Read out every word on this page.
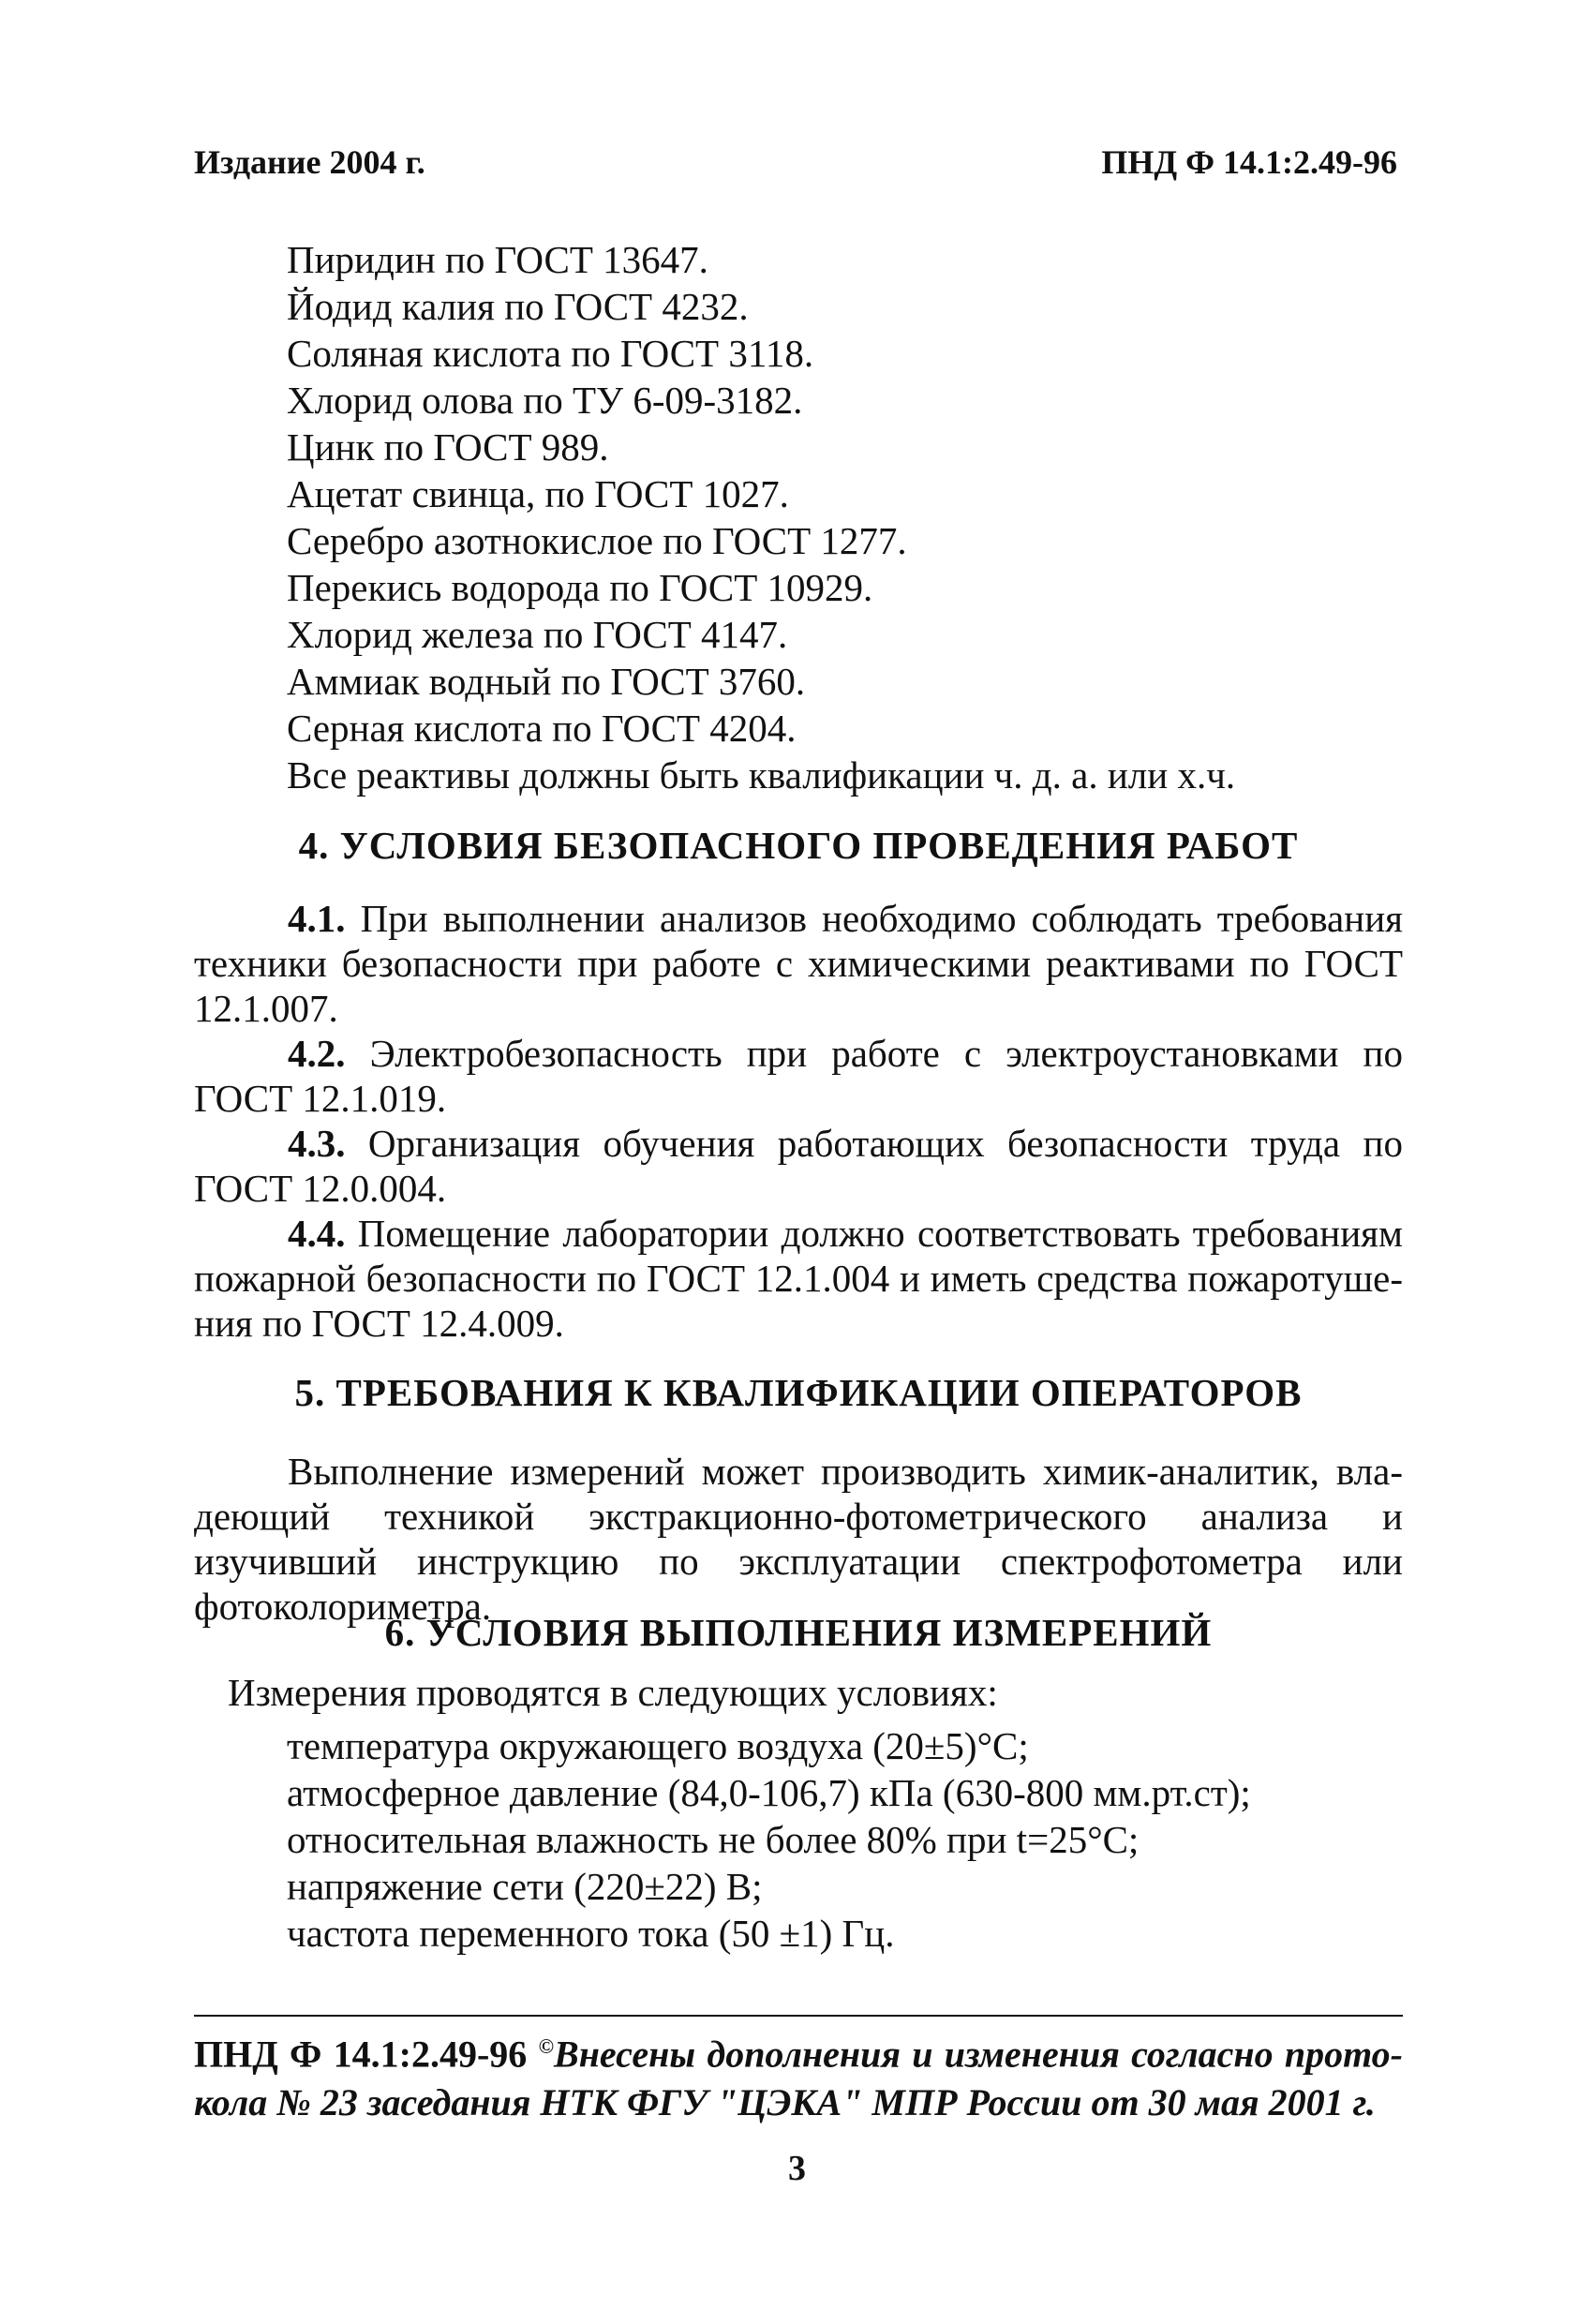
Издание 2004 г.	ПНД Ф 14.1:2.49-96
Пиридин по ГОСТ 13647.
Йодид калия по ГОСТ 4232.
Соляная кислота по ГОСТ 3118.
Хлорид олова по ТУ 6-09-3182.
Цинк по ГОСТ 989.
Ацетат свинца, по ГОСТ 1027.
Серебро азотнокислое по ГОСТ 1277.
Перекись водорода по ГОСТ 10929.
Хлорид железа по ГОСТ 4147.
Аммиак водный по ГОСТ 3760.
Серная кислота по ГОСТ 4204.
Все реактивы должны быть квалификации ч. д. а. или х.ч.
4. УСЛОВИЯ БЕЗОПАСНОГО ПРОВЕДЕНИЯ РАБОТ

4.1. При выполнении анализов необходимо соблюдать требования техники безопасности при работе с химическими реактивами по ГОСТ 12.1.007.

4.2. Электробезопасность при работе с электроустановками по ГОСТ 12.1.019.

4.3. Организация обучения работающих безопасности труда по ГОСТ 12.0.004.

4.4. Помещение лаборатории должно соответствовать требованиям пожарной безопасности по ГОСТ 12.1.004 и иметь средства пожаротушения по ГОСТ 12.4.009.

5. ТРЕБОВАНИЯ К КВАЛИФИКАЦИИ ОПЕРАТОРОВ

Выполнение измерений может производить химик-аналитик, владеющий техникой экстракционно-фотометрического анализа и изучивший инструкцию по эксплуатации спектрофотометра или фотоколориметра.

6. УСЛОВИЯ ВЫПОЛНЕНИЯ ИЗМЕРЕНИЙ
Измерения проводятся в следующих условиях:
температура окружающего воздуха (20±5)°С;
атмосферное давление (84,0-106,7) кПа (630-800 мм.рт.ст);
относительная влажность не более 80% при t=25°С;
напряжение сети (220±22) В;
частота переменного тока (50 ±1) Гц.
ПНД Ф 14.1:2.49-96 ©Внесены дополнения и изменения согласно протокола № 23 заседания НТК ФГУ "ЦЭКА" МПР России от 30 мая 2001 г.
3
